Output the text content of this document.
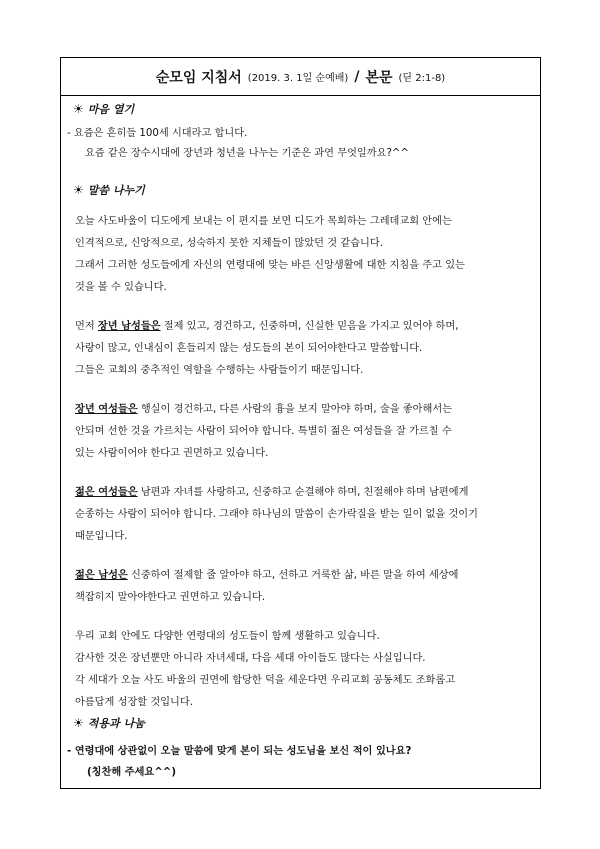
순모임 지침서 (2019. 3. 1일 순예배) / 본문 (딛 2:1-8)
☀ 마음 열기
- 요즘은 흔히들 100세 시대라고 합니다.
요즘 같은 장수시대에 장년과 청년을 나누는 기준은 과연 무엇일까요?^^
☀ 말씀 나누기
오늘 사도바울이 디도에게 보내는 이 편지를 보면 디도가 목회하는 그레데교회 안에는
인격적으로, 신앙적으로, 성숙하지 못한 지체들이 많았던 것 같습니다.
그래서 그러한 성도들에게 자신의 연령대에 맞는 바른 신앙생활에 대한 지침을 주고 있는
것을 볼 수 있습니다.
먼저 장년 남성들은 절제 있고, 경건하고, 신중하며, 신실한 믿음을 가지고 있어야 하며,
사랑이 많고, 인내심이 흔들리지 않는 성도들의 본이 되어야한다고 말씀합니다.
그들은 교회의 중추적인 역할을 수행하는 사람들이기 때문입니다.
장년 여성들은 행실이 경건하고, 다른 사람의 흉을 보지 말아야 하며, 술을 좋아해서는
안되며 선한 것을 가르치는 사람이 되어야 합니다. 특별히 젊은 여성들을 잘 가르칠 수
있는 사람이어야 한다고 권면하고 있습니다.
젊은 여성들은 남편과 자녀를 사랑하고, 신중하고 순결해야 하며, 친절해야 하며 남편에게
순종하는 사람이 되어야 합니다. 그래야 하나님의 말씀이 손가락질을 받는 일이 없을 것이기
때문입니다.
젊은 남성은 신중하여 절제할 줄 알아야 하고, 선하고 거룩한 삶, 바른 말을 하여 세상에
책잡히지 말아야한다고 권면하고 있습니다.
우리 교회 안에도 다양한 연령대의 성도들이 함께 생활하고 있습니다.
감사한 것은 장년뿐만 아니라 자녀세대, 다음 세대 아이들도 많다는 사실입니다.
각 세대가 오늘 사도 바울의 권면에 합당한 덕을 세운다면 우리교회 공동체도 조화롭고
아름답게 성장할 것입니다.
☀ 적용과 나눔
- 연령대에 상관없이 오늘 말씀에 맞게 본이 되는 성도님을 보신 적이 있나요?
(칭찬해 주세요^^)
